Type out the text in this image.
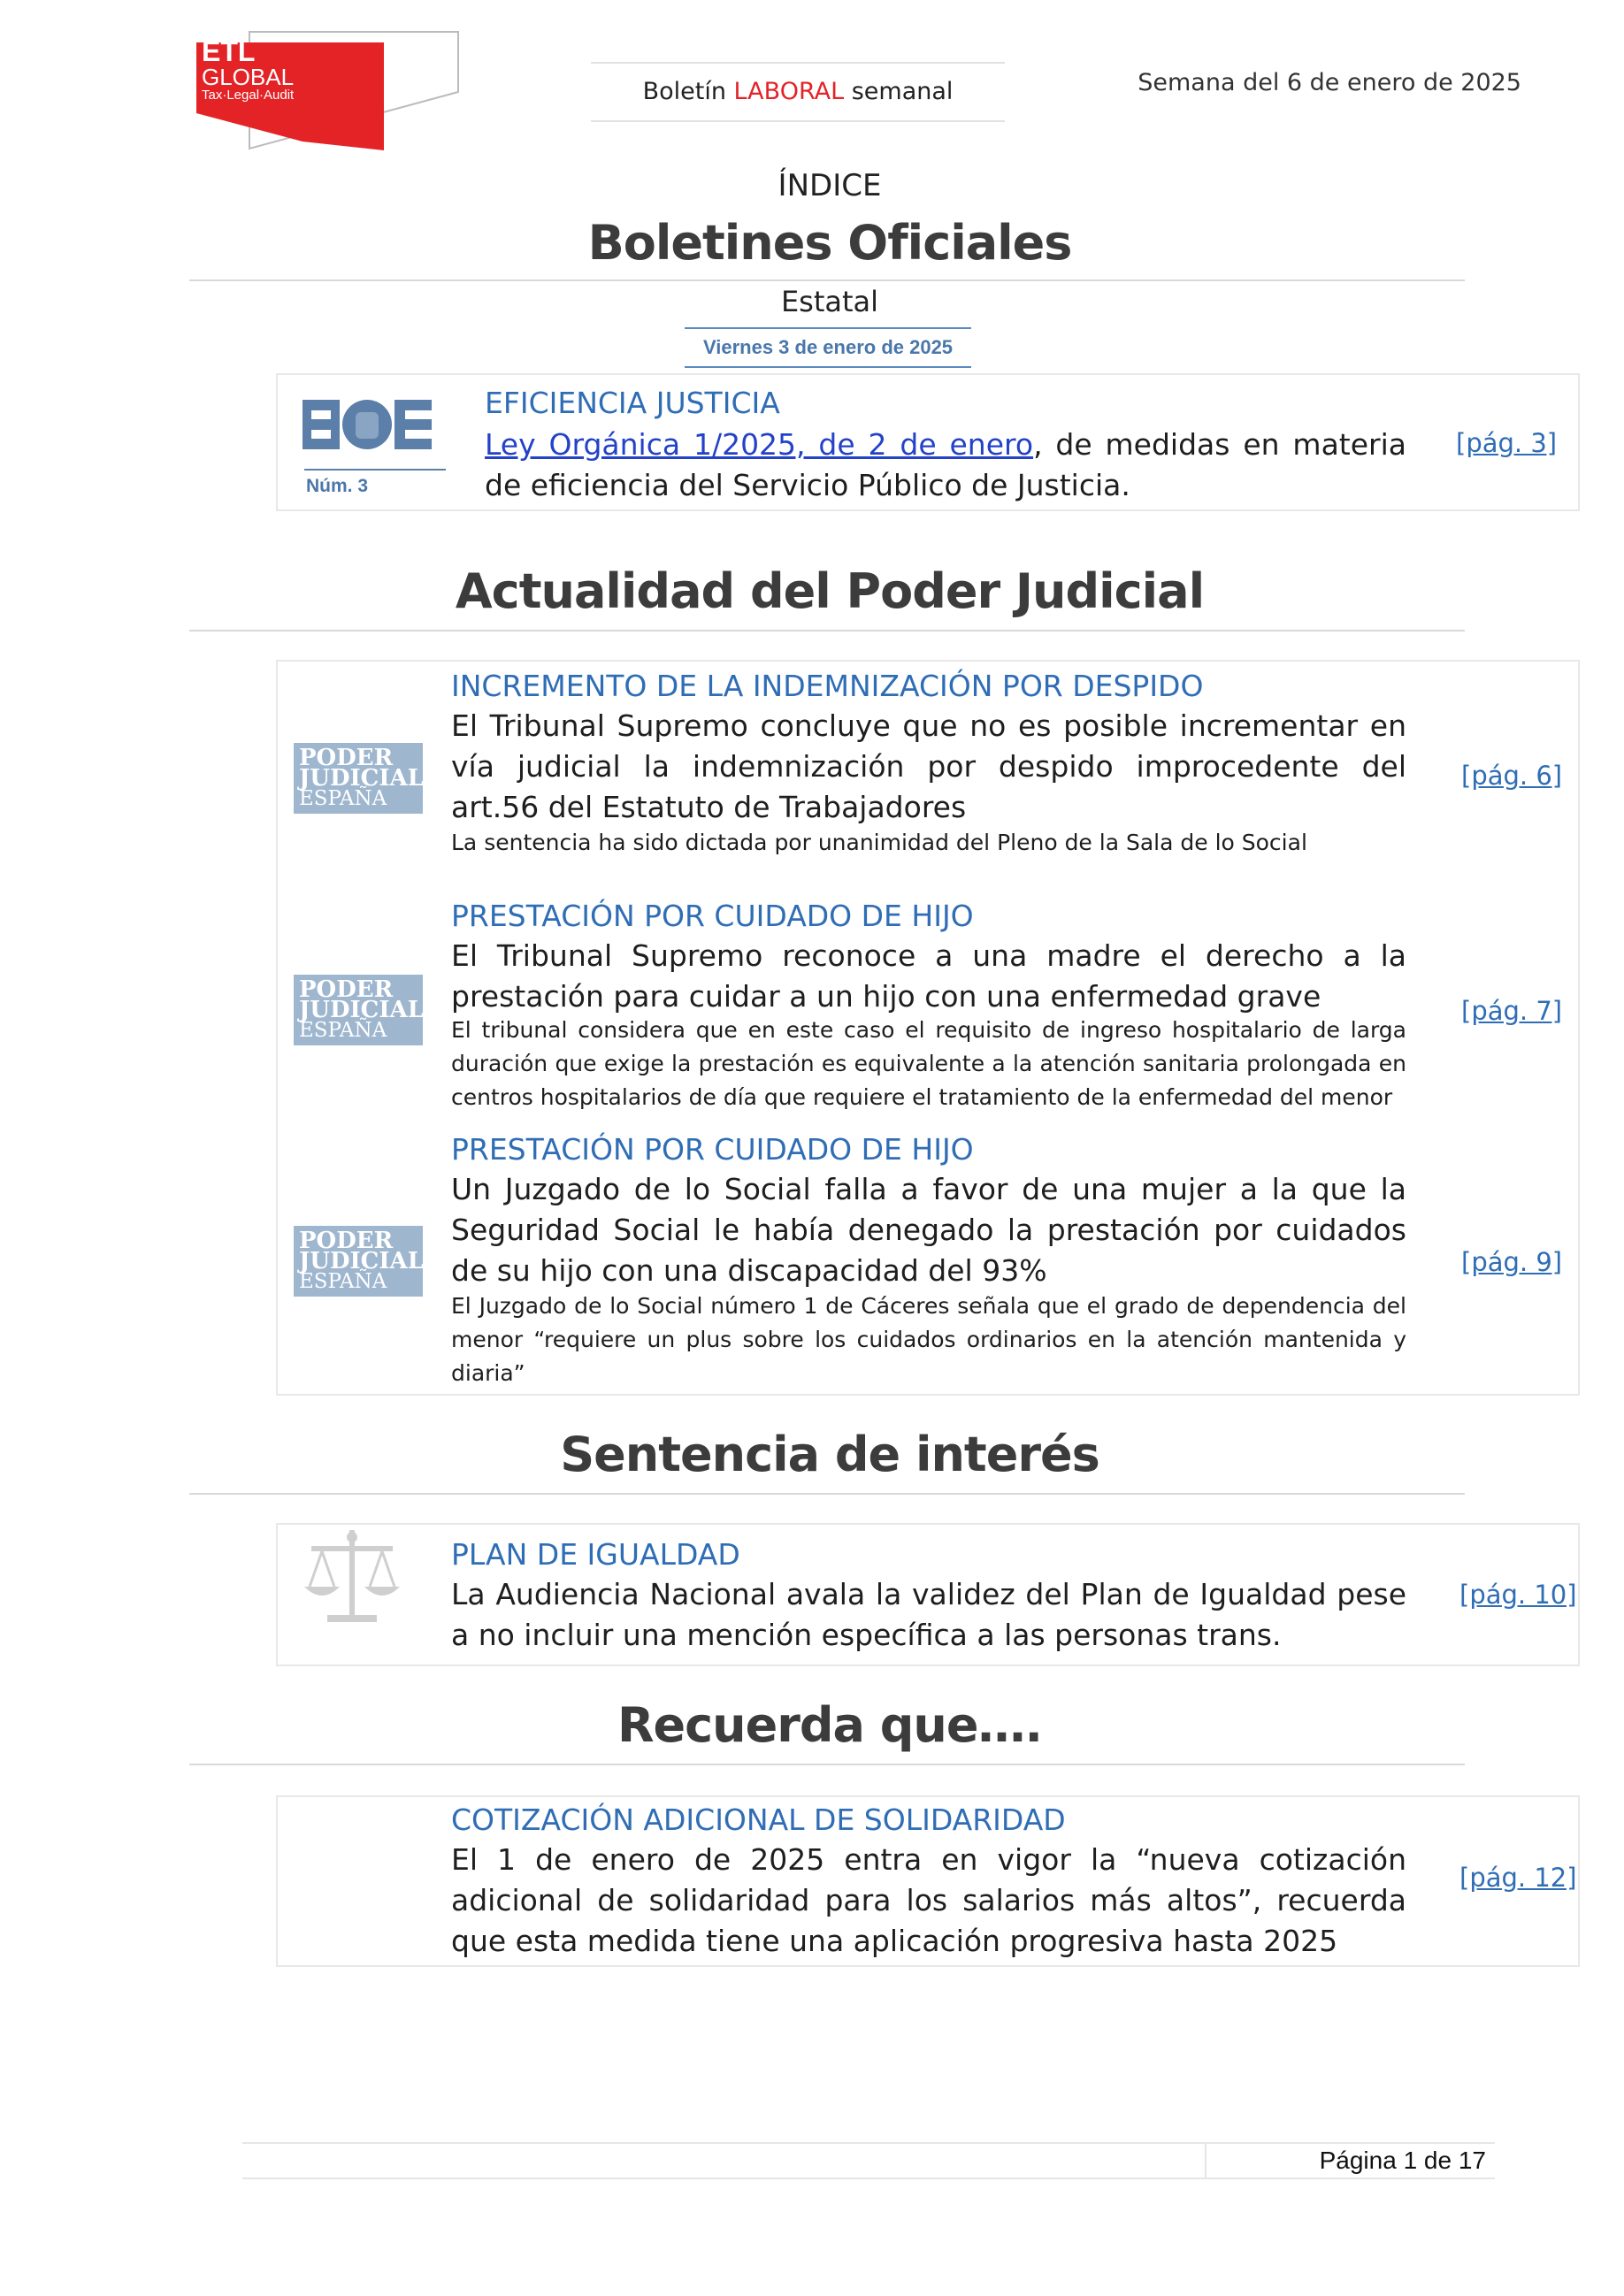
ETL
GLOBAL
Tax·Legal·Audit	Boletín LABORAL semanal	Semana del 6 de enero de 2025
ÍNDICE
Boletines Oficiales
Estatal
Viernes 3 de enero de 2025
Núm. 3
EFICIENCIA JUSTICIA
Ley Orgánica 1/2025, de 2 de enero, de medidas en materia de eficiencia del Servicio Público de Justicia.
[pág. 3]
Actualidad del Poder Judicial
PODER
JUDICIAL
ESPAÑA
INCREMENTO DE LA INDEMNIZACIÓN POR DESPIDO
El Tribunal Supremo concluye que no es posible incrementar en vía judicial la indemnización por despido improcedente del art.56 del Estatuto de Trabajadores
La sentencia ha sido dictada por unanimidad del Pleno de la Sala de lo Social
[pág. 6]
PODER
JUDICIAL
ESPAÑA
PRESTACIÓN POR CUIDADO DE HIJO
El Tribunal Supremo reconoce a una madre el derecho a la prestación para cuidar a un hijo con una enfermedad grave
El tribunal considera que en este caso el requisito de ingreso hospitalario de larga duración que exige la prestación es equivalente a la atención sanitaria prolongada en centros hospitalarios de día que requiere el tratamiento de la enfermedad del menor
[pág. 7]
PODER
JUDICIAL
ESPAÑA
PRESTACIÓN POR CUIDADO DE HIJO
Un Juzgado de lo Social falla a favor de una mujer a la que la Seguridad Social le había denegado la prestación por cuidados de su hijo con una discapacidad del 93%
El Juzgado de lo Social número 1 de Cáceres señala que el grado de dependencia del menor “requiere un plus sobre los cuidados ordinarios en la atención mantenida y diaria”
[pág. 9]
Sentencia de interés
PLAN DE IGUALDAD
La Audiencia Nacional avala la validez del Plan de Igualdad pese a no incluir una mención específica a las personas trans.
[pág. 10]
Recuerda que….
COTIZACIÓN ADICIONAL DE SOLIDARIDAD
El 1 de enero de 2025 entra en vigor la “nueva cotización adicional de solidaridad para los salarios más altos”, recuerda que esta medida tiene una aplicación progresiva hasta 2025
[pág. 12]
Página 1 de 17
